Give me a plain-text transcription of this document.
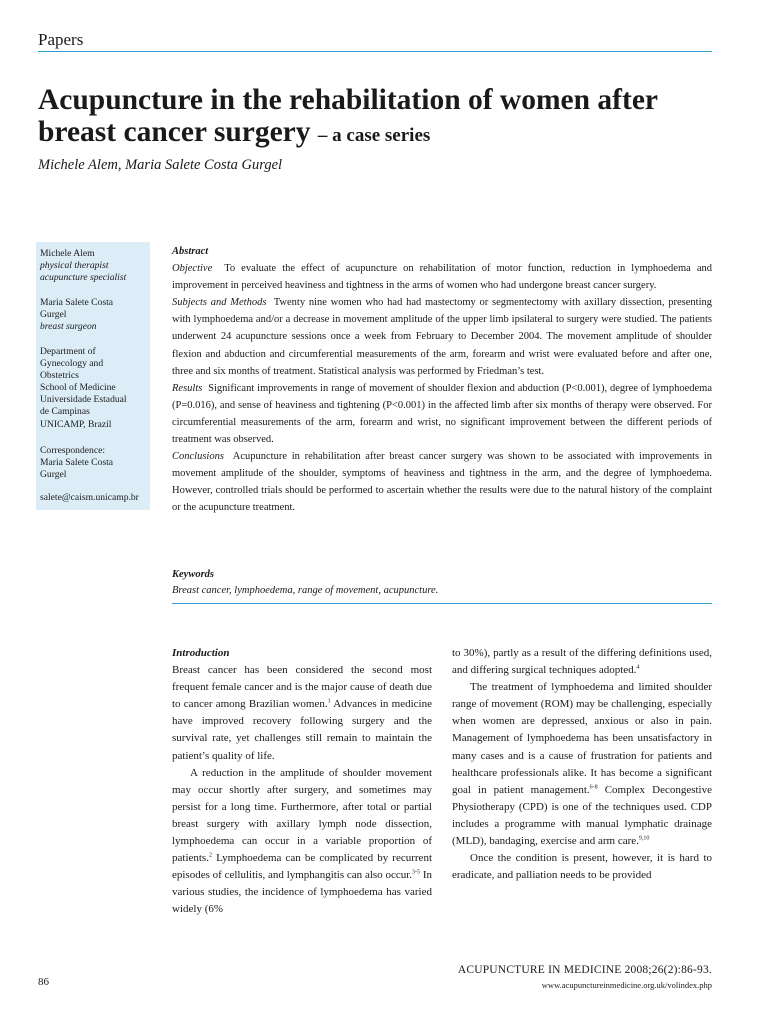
Papers
Acupuncture in the rehabilitation of women after
breast cancer surgery – a case series
Michele Alem, Maria Salete Costa Gurgel
Michele Alem
physical therapist
acupuncture specialist
Maria Salete Costa
Gurgel
breast surgeon
Department of
Gynecology and
Obstetrics
School of Medicine
Universidade Estadual
de Campinas
UNICAMP, Brazil
Correspondence:
Maria Salete Costa
Gurgel
salete@caism.unicamp.br

Abstract

Objective To evaluate the effect of acupuncture on rehabilitation of motor function, reduction in lymphoedema and improvement in perceived heaviness and tightness in the arms of women who had undergone breast cancer surgery.

Subjects and Methods Twenty nine women who had had mastectomy or segmentectomy with axillary dissection, presenting with lymphoedema and/or a decrease in movement amplitude of the upper limb ipsilateral to surgery were studied. The patients underwent 24 acupuncture sessions once a week from February to December 2004. The movement amplitude of shoulder flexion and abduction and circumferential measurements of the arm, forearm and wrist were evaluated before and after one, three and six months of treatment. Statistical analysis was performed by Friedman’s test.

Results Significant improvements in range of movement of shoulder flexion and abduction (P<0.001), degree of lymphoedema (P=0.016), and sense of heaviness and tightening (P<0.001) in the affected limb after six months of therapy were observed. For circumferential measurements of the arm, forearm and wrist, no significant improvement between the different periods of treatment was observed.

Conclusions Acupuncture in rehabilitation after breast cancer surgery was shown to be associated with improvements in movement amplitude of the shoulder, symptoms of heaviness and tightness in the arm, and the degree of lymphoedema. However, controlled trials should be performed to ascertain whether the results were due to the natural history of the complaint or the acupuncture treatment.

Keywords
Breast cancer, lymphoedema, range of movement, acupuncture.

Introduction

Breast cancer has been considered the second most frequent female cancer and is the major cause of death due to cancer among Brazilian women.$^1$ Advances in medicine have improved recovery following surgery and the survival rate, yet challenges still remain to maintain the patient’s quality of life.

A reduction in the amplitude of shoulder movement may occur shortly after surgery, and sometimes may persist for a long time. Furthermore, after total or partial breast surgery with axillary lymph node dissection, lymphoedema can occur in a variable proportion of patients.$^2$ Lymphoedema can be complicated by recurrent episodes of cellulitis, and lymphangitis can also occur.$^{3-5}$ In various studies, the incidence of lymphoedema has varied widely (6%

to 30%), partly as a result of the differing definitions used, and differing surgical techniques adopted.$^4$

The treatment of lymphoedema and limited shoulder range of movement (ROM) may be challenging, especially when women are depressed, anxious or also in pain. Management of lymphoedema has been unsatisfactory in many cases and is a cause of frustration for patients and healthcare professionals alike. It has become a significant goal in patient management.$^{6-8}$ Complex Decongestive Physiotherapy (CPD) is one of the techniques used. CDP includes a programme with manual lymphatic drainage (MLD), bandaging, exercise and arm care.$^{9,10}$

Once the condition is present, however, it is hard to eradicate, and palliation needs to be provided

ACUPUNCTURE IN MEDICINE 2008;26(2):86-93.
www.acupunctureinmedicine.org.uk/volindex.php
86
